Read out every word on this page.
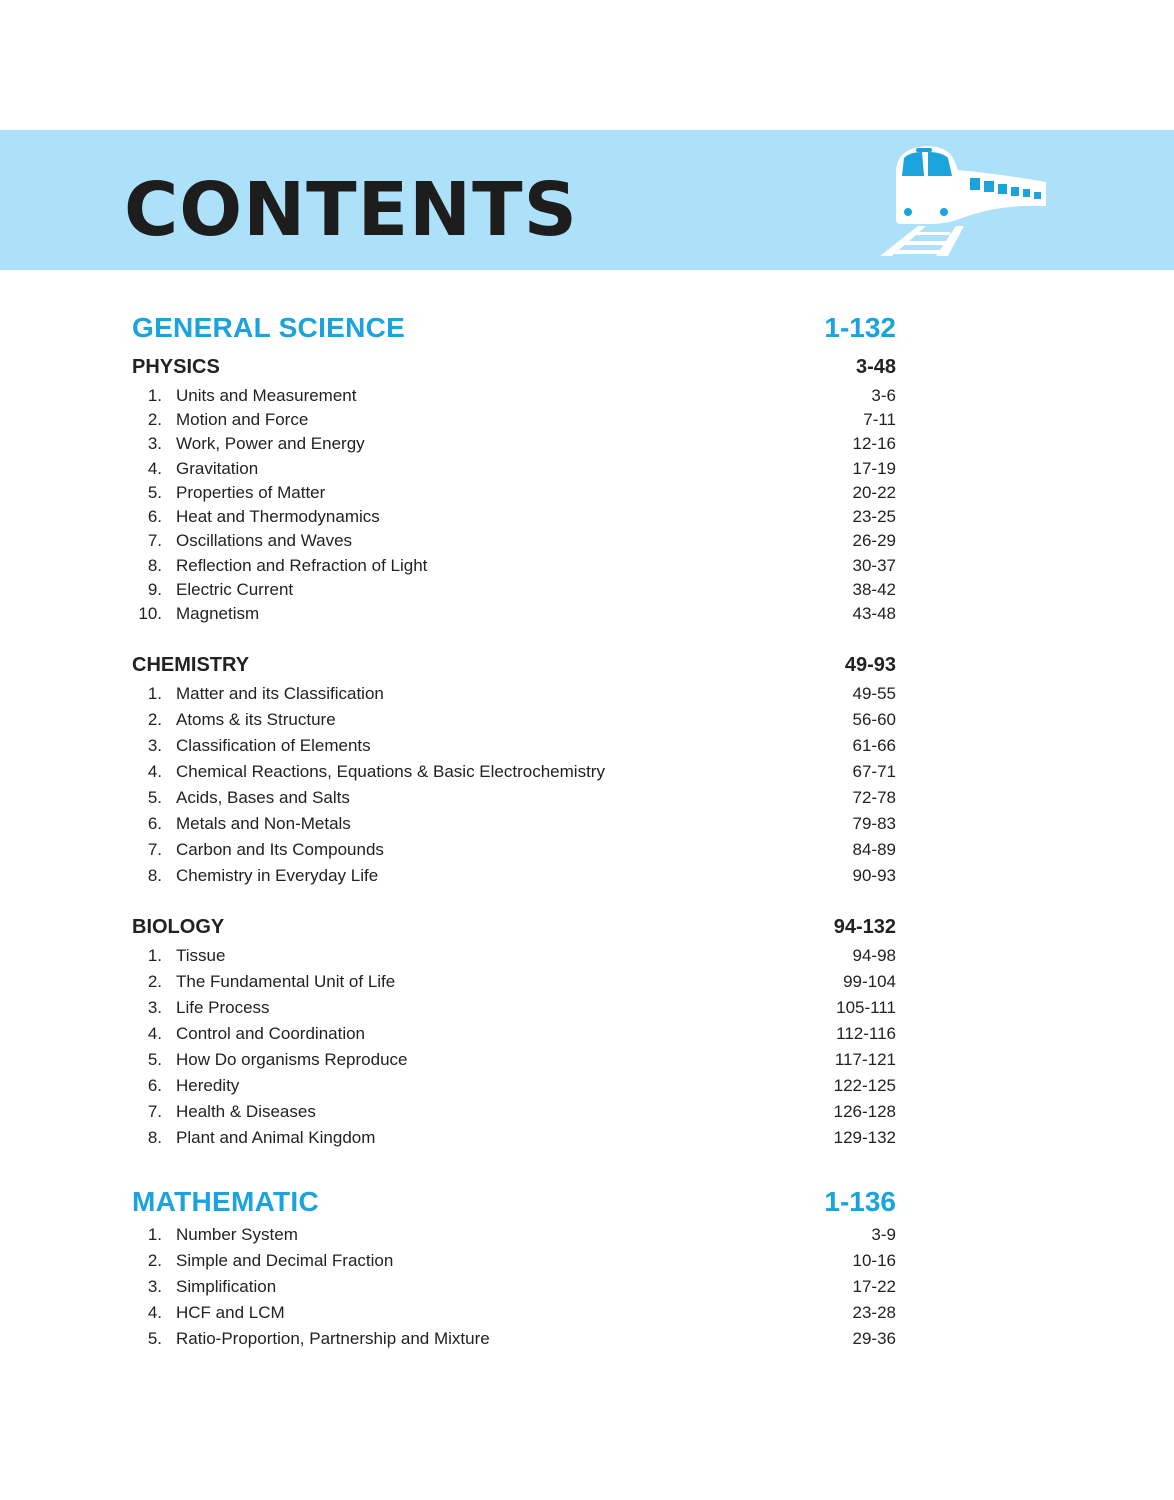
CONTENTS
GENERAL SCIENCE	1-132
PHYSICS	3-48
1. Units and Measurement	3-6
2. Motion and Force	7-11
3. Work, Power and Energy	12-16
4. Gravitation	17-19
5. Properties of Matter	20-22
6. Heat and Thermodynamics	23-25
7. Oscillations and Waves	26-29
8. Reflection and Refraction of Light	30-37
9. Electric Current	38-42
10. Magnetism	43-48
CHEMISTRY	49-93
1. Matter and its Classification	49-55
2. Atoms & its Structure	56-60
3. Classification of Elements	61-66
4. Chemical Reactions, Equations & Basic Electrochemistry	67-71
5. Acids, Bases and Salts	72-78
6. Metals and Non-Metals	79-83
7. Carbon and Its Compounds	84-89
8. Chemistry in Everyday Life	90-93
BIOLOGY	94-132
1. Tissue	94-98
2. The Fundamental Unit of Life	99-104
3. Life Process	105-111
4. Control and Coordination	112-116
5. How Do organisms Reproduce	117-121
6. Heredity	122-125
7. Health & Diseases	126-128
8. Plant and Animal Kingdom	129-132
MATHEMATIC	1-136
1. Number System	3-9
2. Simple and Decimal Fraction	10-16
3. Simplification	17-22
4. HCF and LCM	23-28
5. Ratio-Proportion, Partnership and Mixture	29-36
